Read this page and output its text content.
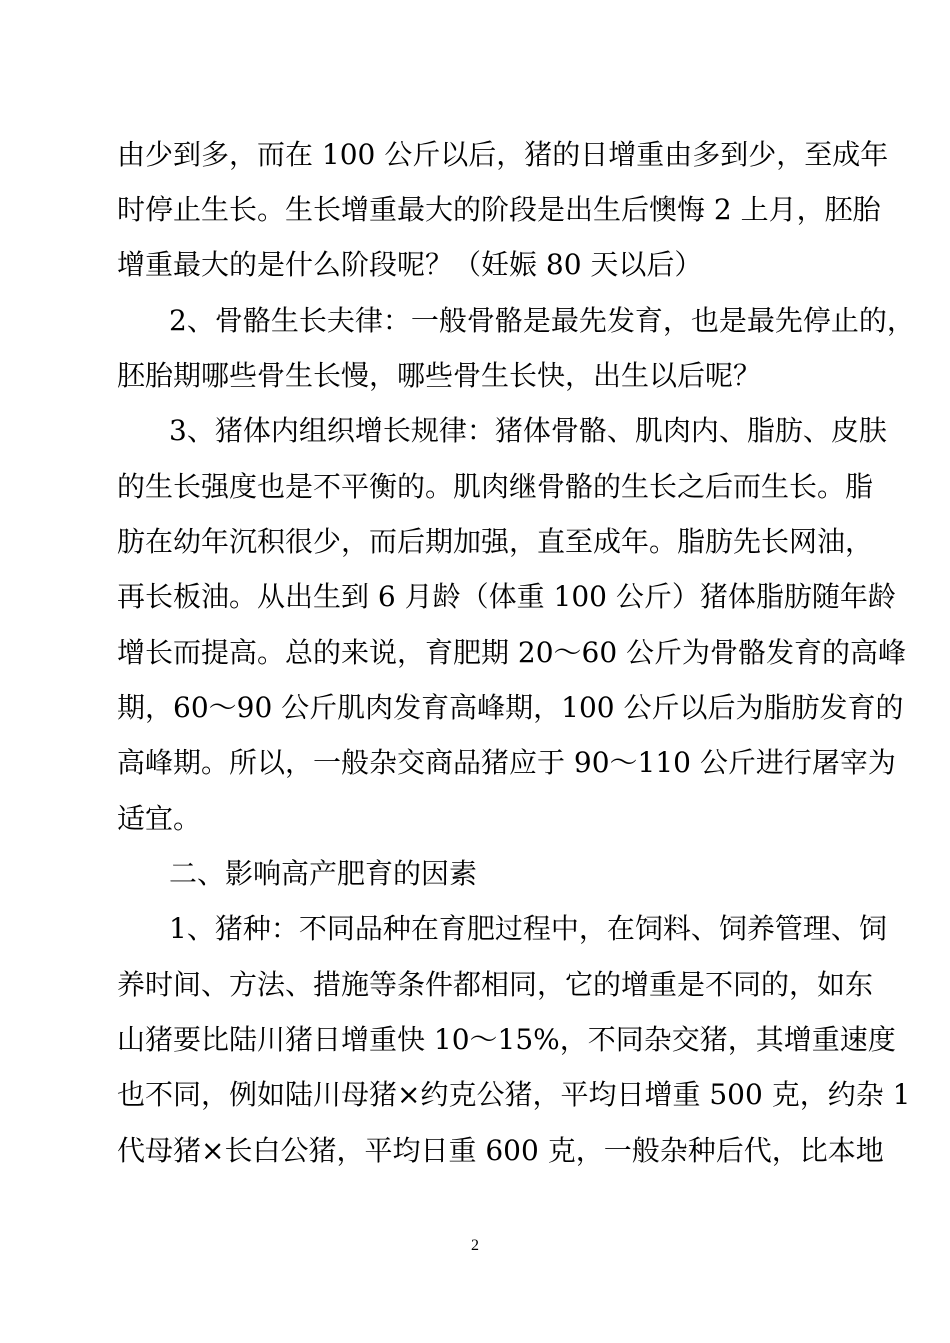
由少到多，而在 100 公斤以后，猪的日增重由多到少，至成年
时停止生长。生长增重最大的阶段是出生后懊悔 2 上月，胚胎
增重最大的是什么阶段呢？（妊娠 80 天以后）
2、骨骼生长夫律：一般骨骼是最先发育，也是最先停止的，
胚胎期哪些骨生长慢，哪些骨生长快，出生以后呢？
3、猪体内组织增长规律：猪体骨骼、肌肉内、脂肪、皮肤
的生长强度也是不平衡的。肌肉继骨骼的生长之后而生长。脂
肪在幼年沉积很少，而后期加强，直至成年。脂肪先长网油，
再长板油。从出生到 6 月龄（体重 100 公斤）猪体脂肪随年龄
增长而提高。总的来说，育肥期 20～60 公斤为骨骼发育的高峰
期，60～90 公斤肌肉发育高峰期，100 公斤以后为脂肪发育的
高峰期。所以，一般杂交商品猪应于 90～110 公斤进行屠宰为
适宜。
二、影响高产肥育的因素
1、猪种：不同品种在育肥过程中，在饲料、饲养管理、饲
养时间、方法、措施等条件都相同，它的增重是不同的，如东
山猪要比陆川猪日增重快 10～15%，不同杂交猪，其增重速度
也不同，例如陆川母猪×约克公猪，平均日增重 500 克，约杂 1
代母猪×长白公猪，平均日重 600 克，一般杂种后代，比本地
2
